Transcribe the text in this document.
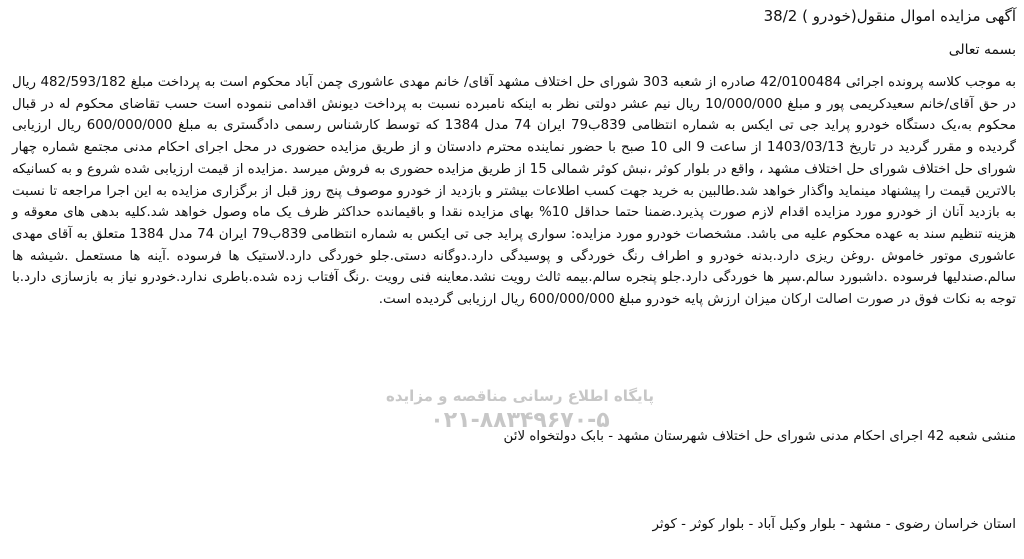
آگهی مزایده اموال منقول(خودرو ) 38/2
بسمه تعالی

به موجب کلاسه پرونده اجرائی 42/0100484 صادره از شعبه 303 شورای حل اختلاف مشهد آقای/ خانم مهدی عاشوری چمن آباد محکوم است به پرداخت مبلغ 482/593/182 ریال در حق آقای/خانم سعیدکریمی پور و مبلغ 10/000/000 ریال نیم عشر دولتی نظر به اینکه نامبرده نسبت به پرداخت دیونش اقدامی ننموده است حسب تقاضای محکوم له در قبال محکوم به،یک دستگاه خودرو پراید جی تی ایکس به شماره انتظامی 839ب79 ایران 74 مدل 1384 که توسط کارشناس رسمی دادگستری به مبلغ 600/000/000 ریال ارزیابی گردیده و مقرر گردید در تاریخ 1403/03/13 از ساعت 9 الی 10 صبح با حضور نماینده محترم دادستان و از طریق مزایده حضوری در محل اجرای احکام مدنی مجتمع شماره چهار شورای حل اختلاف شورای حل اختلاف مشهد ، واقع در بلوار کوثر ،نبش کوثر شمالی 15 از طریق مزایده حضوری به فروش میرسد .مزایده از قیمت ارزیابی شده شروع و به کسانیکه بالاترین قیمت را پیشنهاد مینماید واگذار خواهد شد.طالبین به خرید جهت کسب اطلاعات بیشتر و بازدید از خودرو موصوف پنج روز قبل از برگزاری مزایده به این اجرا مراجعه تا نسبت به بازدید آنان از خودرو مورد مزایده اقدام لازم صورت پذیرد.ضمنا حتما حداقل 10% بهای مزایده نقدا و باقیمانده حداکثر ظرف یک ماه وصول خواهد شد.کلیه بدهی های معوقه و هزینه تنظیم سند به عهده محکوم علیه می باشد. مشخصات خودرو مورد مزایده: سواری پراید جی تی ایکس به شماره انتظامی 839ب79 ایران 74 مدل 1384 متعلق به آقای مهدی عاشوری موتور خاموش .روغن ریزی دارد.بدنه خودرو و اطراف رنگ خوردگی و پوسیدگی دارد.دوگانه دستی.جلو خوردگی دارد.لاستیک ها فرسوده .آینه ها مستعمل .شیشه ها سالم.صندلیها فرسوده .داشبورد سالم.سپر ها خوردگی دارد.جلو پنجره سالم.بیمه ثالث رویت نشد.معاینه فنی رویت .رنگ آفتاب زده شده.باطری ندارد.خودرو نیاز به بازسازی دارد.با توجه به نکات فوق در صورت اصالت ارکان میزان ارزش پایه خودرو مبلغ 600/000/000 ریال ارزیابی گردیده است.

پایگاه اطلاع رسانی مناقصه و مزایده
۰۲۱-۸۸۳۴۹۶۷۰-۵
منشی شعبه 42 اجرای احکام مدنی شورای حل اختلاف شهرستان مشهد - بابک دولتخواه لائن
استان خراسان رضوی - مشهد - بلوار وکیل آباد - بلوار کوثر - کوثر
